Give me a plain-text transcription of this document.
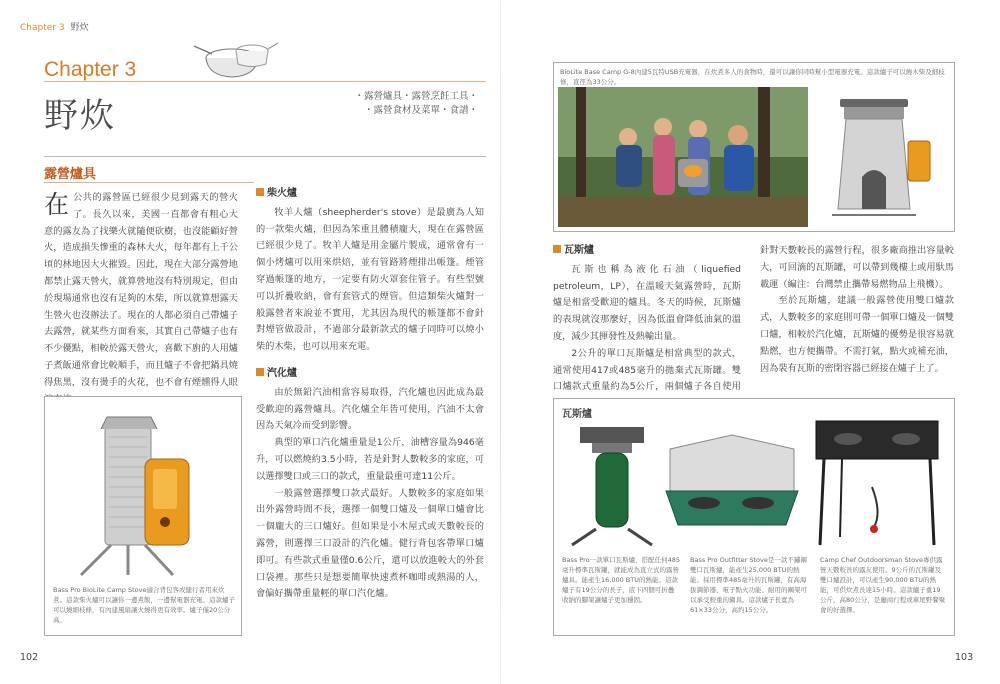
Chapter 3 野炊
Chapter 3
野炊	・露營爐具・露營烹飪工具・
・露營食材及菜單・食譜・
露營爐具
在公共的露營區已經很少見到露天的營火了。長久以來，美國一直都會有粗心大意的露友為了找樂火就隨便砍樹，也沒能顧好營火，造成損失慘重的森林大火，每年都有上千公頃的林地因大火摧毀。因此，現在大部分露營地都禁止露天營火，就算營地沒有特別規定，但由於現場通常也沒有足夠的木柴，所以就算想露天生營火也沒辦法了。現在的人都必須自己帶爐子去露營，就某些方面看來，其實自己帶爐子也有不少優點，相較於露天營火，喜歡下廚的人用爐子煮飯通常會比較順手，而且爐子不會把鍋具燒得焦黑，沒有燙手的火花，也不會有煙燻得人眼
柴火爐

牧羊人爐（sheepherder's stove）是最廣為人知的一款柴火爐，但因為笨重且體積龐大，現在在露營區已經很少見了。牧羊人爐是用金屬片製成，通常會有一個小烤爐可以用來烘焙，並有管路將煙排出帳篷。煙管穿過帳篷的地方，一定要有防火罩套住管子。有些型號可以折疊收納，會有套管式的煙管。但這類柴火爐對一般露營者來說並不實用，尤其因為現代的帳篷都不會針對煙管做設計，不過部分最新款式的爐子同時可以燒小柴的木柴，也可以用來充電。

汽化爐

由於無鉛汽油相當容易取得，汽化爐也因此成為最受歡迎的露營爐具。汽化爐全年皆可使用，汽油不太會因為天氣冷而受到影響。

典型的單口汽化爐重量是1公斤，油槽容量為946毫升，可以燃燒約3.5小時，若是針對人數較多的家庭，可以選擇雙口或三口的款式，重量最重可達11公斤。

一般露營選擇雙口款式最好。人數較多的家庭如果出外露營時間不長，選擇一個雙口爐及一個單口爐會比一個龐大的三口爐好。但如果是小木屋式或天數較長的露營，則選擇三口設計的汽化爐。健行背包客帶單口爐即可。有些款式重量僅0.6公斤，還可以放進較大的外套口袋裡。那些只是想要簡單快速煮杯咖啡或熱湯的人，會偏好攜帶重量輕的單口汽化爐。

Bass Pro BioLite Camp Stove適合背包客或健行者用來炊煮。這款柴火爐可以讓你一邊煮飯，一邊幫電器充電。這款爐子可以燒細枝條，有內建風扇讓火燒得更有效率。爐子僅20公分高。
102
BioLite Base Camp G-8內建5瓦特USB充電器，在炊煮多人的食物時，還可以讓你同時幫小型電器充電。這款爐子可以燒木柴及細枝條，直徑為33公分。
瓦斯爐

瓦斯也稱為液化石油（liquefied petroleum，LP），在溫暖天氣露營時，瓦斯爐是相當受歡迎的爐具。冬天的時候，瓦斯爐的表現就沒那麼好，因為低溫會降低油氣的溫度，減少其揮發性及熱輸出量。

2公升的單口瓦斯爐是相當典型的款式，通常使用417或485毫升的拋棄式瓦斯罐。雙口爐款式重量約為5公斤，兩個爐子各自使用

針對天數較長的露營行程，很多廠商推出容量較大，可回滴的瓦斯罐，可以帶到幾樓上或用馱馬載運（編注：台灣禁止攜帶易燃物品上飛機）。

至於瓦斯爐，建議一般露營使用雙口爐款式，人數較多的家庭則可帶一個單口爐及一個雙口爐，相較於汽化爐，瓦斯爐的優勢是很容易就點燃，也方便攜帶。不需打氣，點火或補充油，因為裝有瓦斯的密閉容器已經接在爐子上了。

瓦斯爐
Bass Pro一款單口瓦斯爐，搭配任何485毫升標準瓦斯罐，就能成為直立式的露營爐具。能產生16,000 BTU的熱能。這款爐子有19公分的長子，底下四個可折疊收納的腳架讓爐子更加穩固。
Bass Pro Outfitter Stove是一款不鏽鋼雙口瓦斯爐，能產生25,000 BTU的熱能。採用標準485毫升的瓦斯罐，有高海拔調節器、電子點火功能、耐用的鋼架可以承受較重的鍋具。這款爐子長寬為61×33公分，高約15公分。
Camp Chef Outdoorsman Stove專供露營天數較長的露友使用。9公斤的瓦斯罐及雙口爐設計，可以產生90,000 BTU的熱能，可供炊煮長達15小時。這款爐子重19公斤，高80公分，是廳商行程或車尾野餐聚會的好選擇。
103
